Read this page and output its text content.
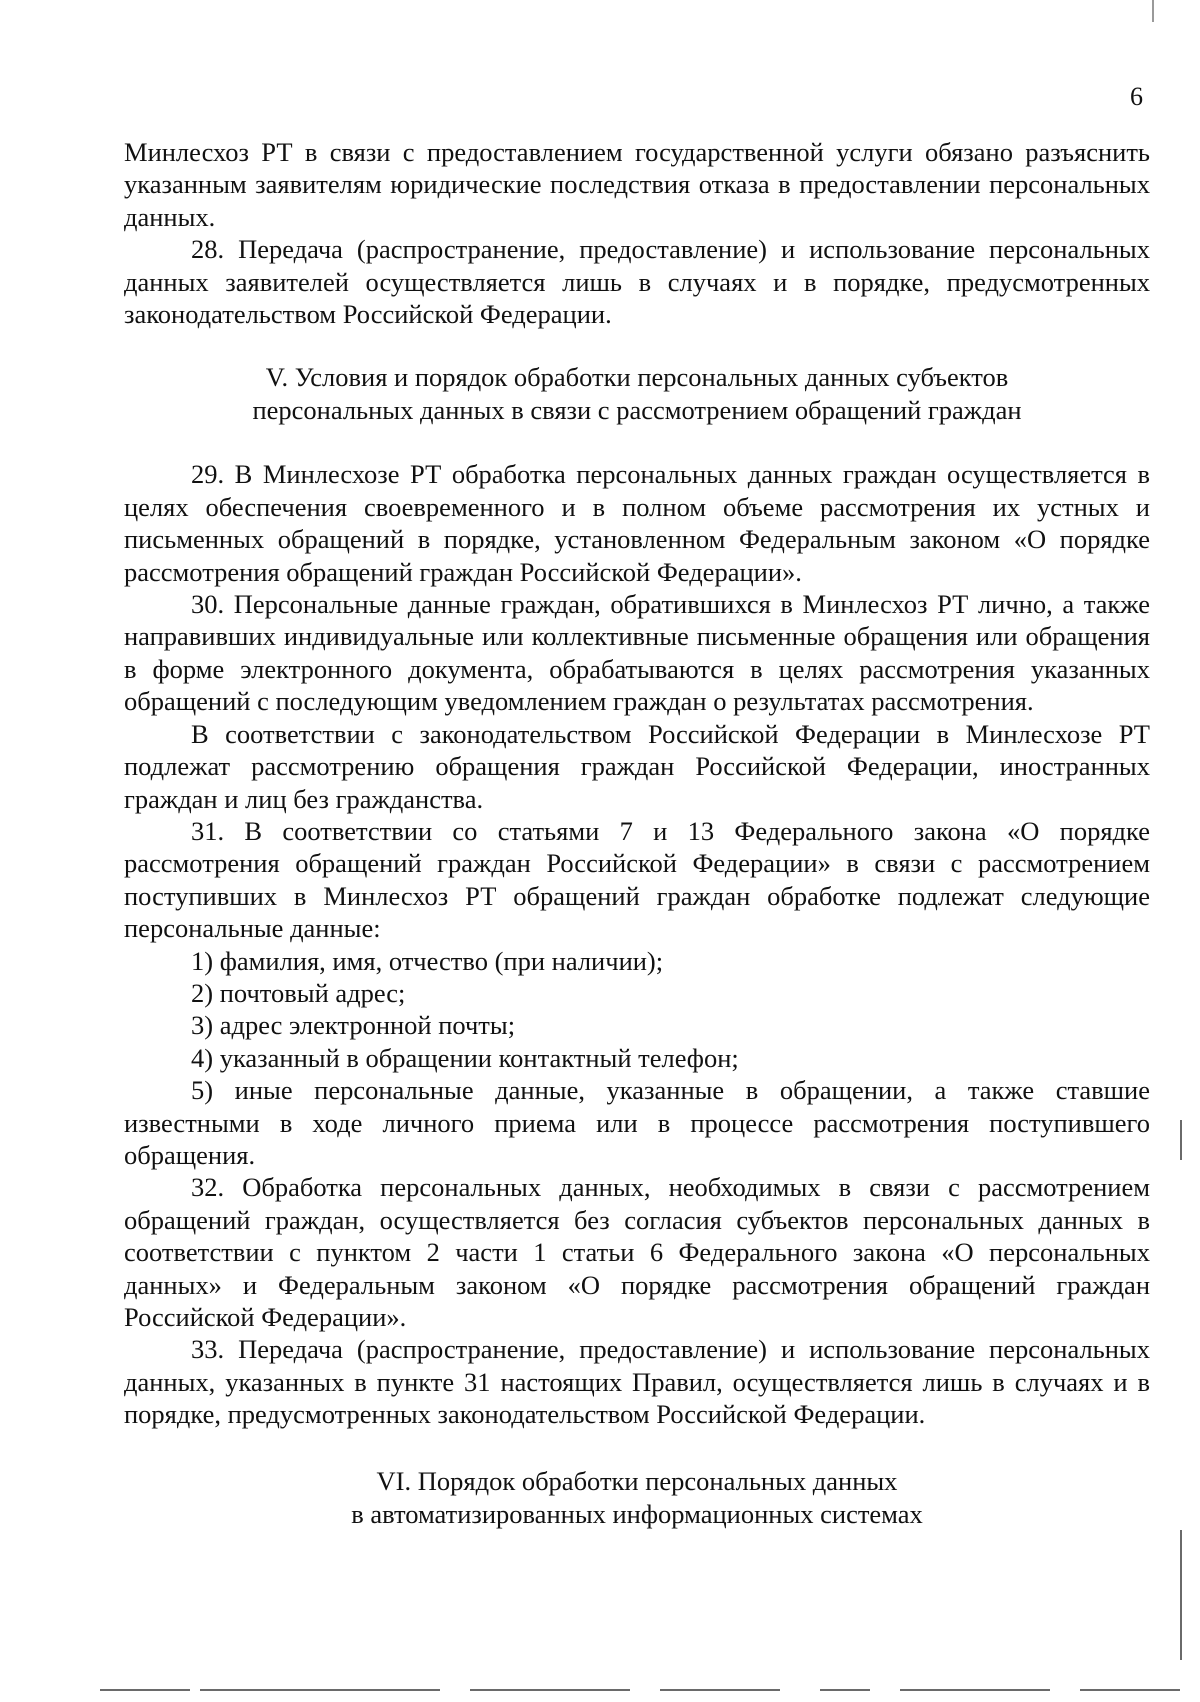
6

Минлесхоз РТ в связи с предоставлением государственной услуги обязано разъяснить указанным заявителям юридические последствия отказа в предоставлении персональных данных.

28. Передача (распространение, предоставление) и использование персональных данных заявителей осуществляется лишь в случаях и в порядке, предусмотренных законодательством Российской Федерации.

V. Условия и порядок обработки персональных данных субъектов
персональных данных в связи с рассмотрением обращений граждан

29. В Минлесхозе РТ обработка персональных данных граждан осуществляется в целях обеспечения своевременного и в полном объеме рассмотрения их устных и письменных обращений в порядке, установленном Федеральным законом «О порядке рассмотрения обращений граждан Российской Федерации».

30. Персональные данные граждан, обратившихся в Минлесхоз РТ лично, а также направивших индивидуальные или коллективные письменные обращения или обращения в форме электронного документа, обрабатываются в целях рассмотрения указанных обращений с последующим уведомлением граждан о результатах рассмотрения.

В соответствии с законодательством Российской Федерации в Минлесхозе РТ подлежат рассмотрению обращения граждан Российской Федерации, иностранных граждан и лиц без гражданства.

31. В соответствии со статьями 7 и 13 Федерального закона «О порядке рассмотрения обращений граждан Российской Федерации» в связи с рассмотрением поступивших в Минлесхоз РТ обращений граждан обработке подлежат следующие персональные данные:

1) фамилия, имя, отчество (при наличии);

2) почтовый адрес;

3) адрес электронной почты;

4) указанный в обращении контактный телефон;

5) иные персональные данные, указанные в обращении, а также ставшие известными в ходе личного приема или в процессе рассмотрения поступившего обращения.

32. Обработка персональных данных, необходимых в связи с рассмотрением обращений граждан, осуществляется без согласия субъектов персональных данных в соответствии с пунктом 2 части 1 статьи 6 Федерального закона «О персональных данных» и Федеральным законом «О порядке рассмотрения обращений граждан Российской Федерации».

33. Передача (распространение, предоставление) и использование персональных данных, указанных в пункте 31 настоящих Правил, осуществляется лишь в случаях и в порядке, предусмотренных законодательством Российской Федерации.

VI. Порядок обработки персональных данных
в автоматизированных информационных системах
